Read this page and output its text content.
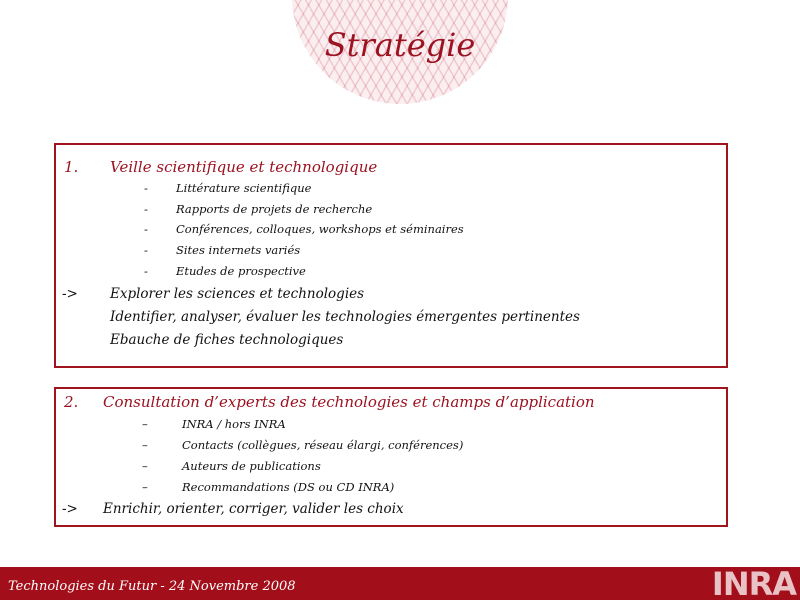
Stratégie
1. Veille scientifique et technologique
- Littérature scientifique
- Rapports de projets de recherche
- Conférences, colloques, workshops et séminaires
- Sites internets variés
- Etudes de prospective
-> Explorer les sciences et technologies
Identifier, analyser, évaluer les technologies émergentes pertinentes
Ebauche de fiches technologiques
2. Consultation d’experts des technologies et champs d’application
–	INRA / hors INRA
–	Contacts (collègues, réseau élargi, conférences)
–	Auteurs de publications
–	Recommandations (DS ou CD INRA)
-> Enrichir, orienter, corriger, valider les choix
Technologies du Futur - 24 Novembre 2008	INRA
